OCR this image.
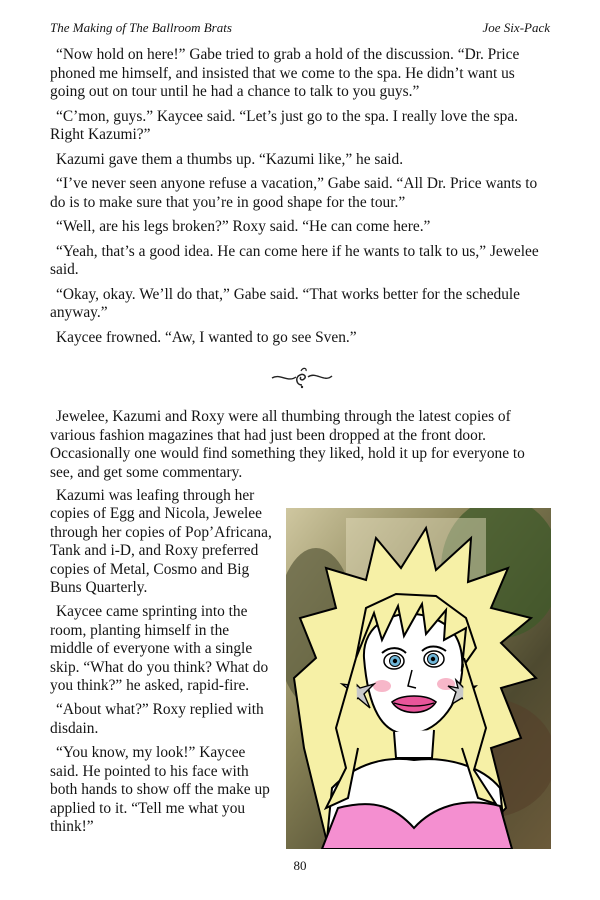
The Making of The Ballroom Brats	Joe Six-Pack

“Now hold on here!” Gabe tried to grab a hold of the discussion. “Dr. Price phoned me himself, and insisted that we come to the spa. He didn’t want us going out on tour until he had a chance to talk to you guys.”

“C’mon, guys.” Kaycee said. “Let’s just go to the spa. I really love the spa. Right Kazumi?”

Kazumi gave them a thumbs up. “Kazumi like,” he said.

“I’ve never seen anyone refuse a vacation,” Gabe said. “All Dr. Price wants to do is to make sure that you’re in good shape for the tour.”

“Well, are his legs broken?” Roxy said. “He can come here.”

“Yeah, that’s a good idea. He can come here if he wants to talk to us,” Jewelee said.

“Okay, okay. We’ll do that,” Gabe said. “That works better for the schedule anyway.”

Kaycee frowned. “Aw, I wanted to go see Sven.”

Jewelee, Kazumi and Roxy were all thumbing through the latest copies of various fashion magazines that had just been dropped at the front door. Occasionally one would find something they liked, hold it up for everyone to see, and get some commentary.

Kazumi was leafing through her copies of Egg and Nicola, Jewelee through her copies of Pop’Africana, Tank and i-D, and Roxy preferred copies of Metal, Cosmo and Big Buns Quarterly.

Kaycee came sprinting into the room, planting himself in the middle of everyone with a single skip. “What do you think? What do you think?” he asked, rapid-fire.

“About what?” Roxy replied with disdain.

“You know, my look!” Kaycee said. He pointed to his face with both hands to show off the make up applied to it. “Tell me what you think!”

80
